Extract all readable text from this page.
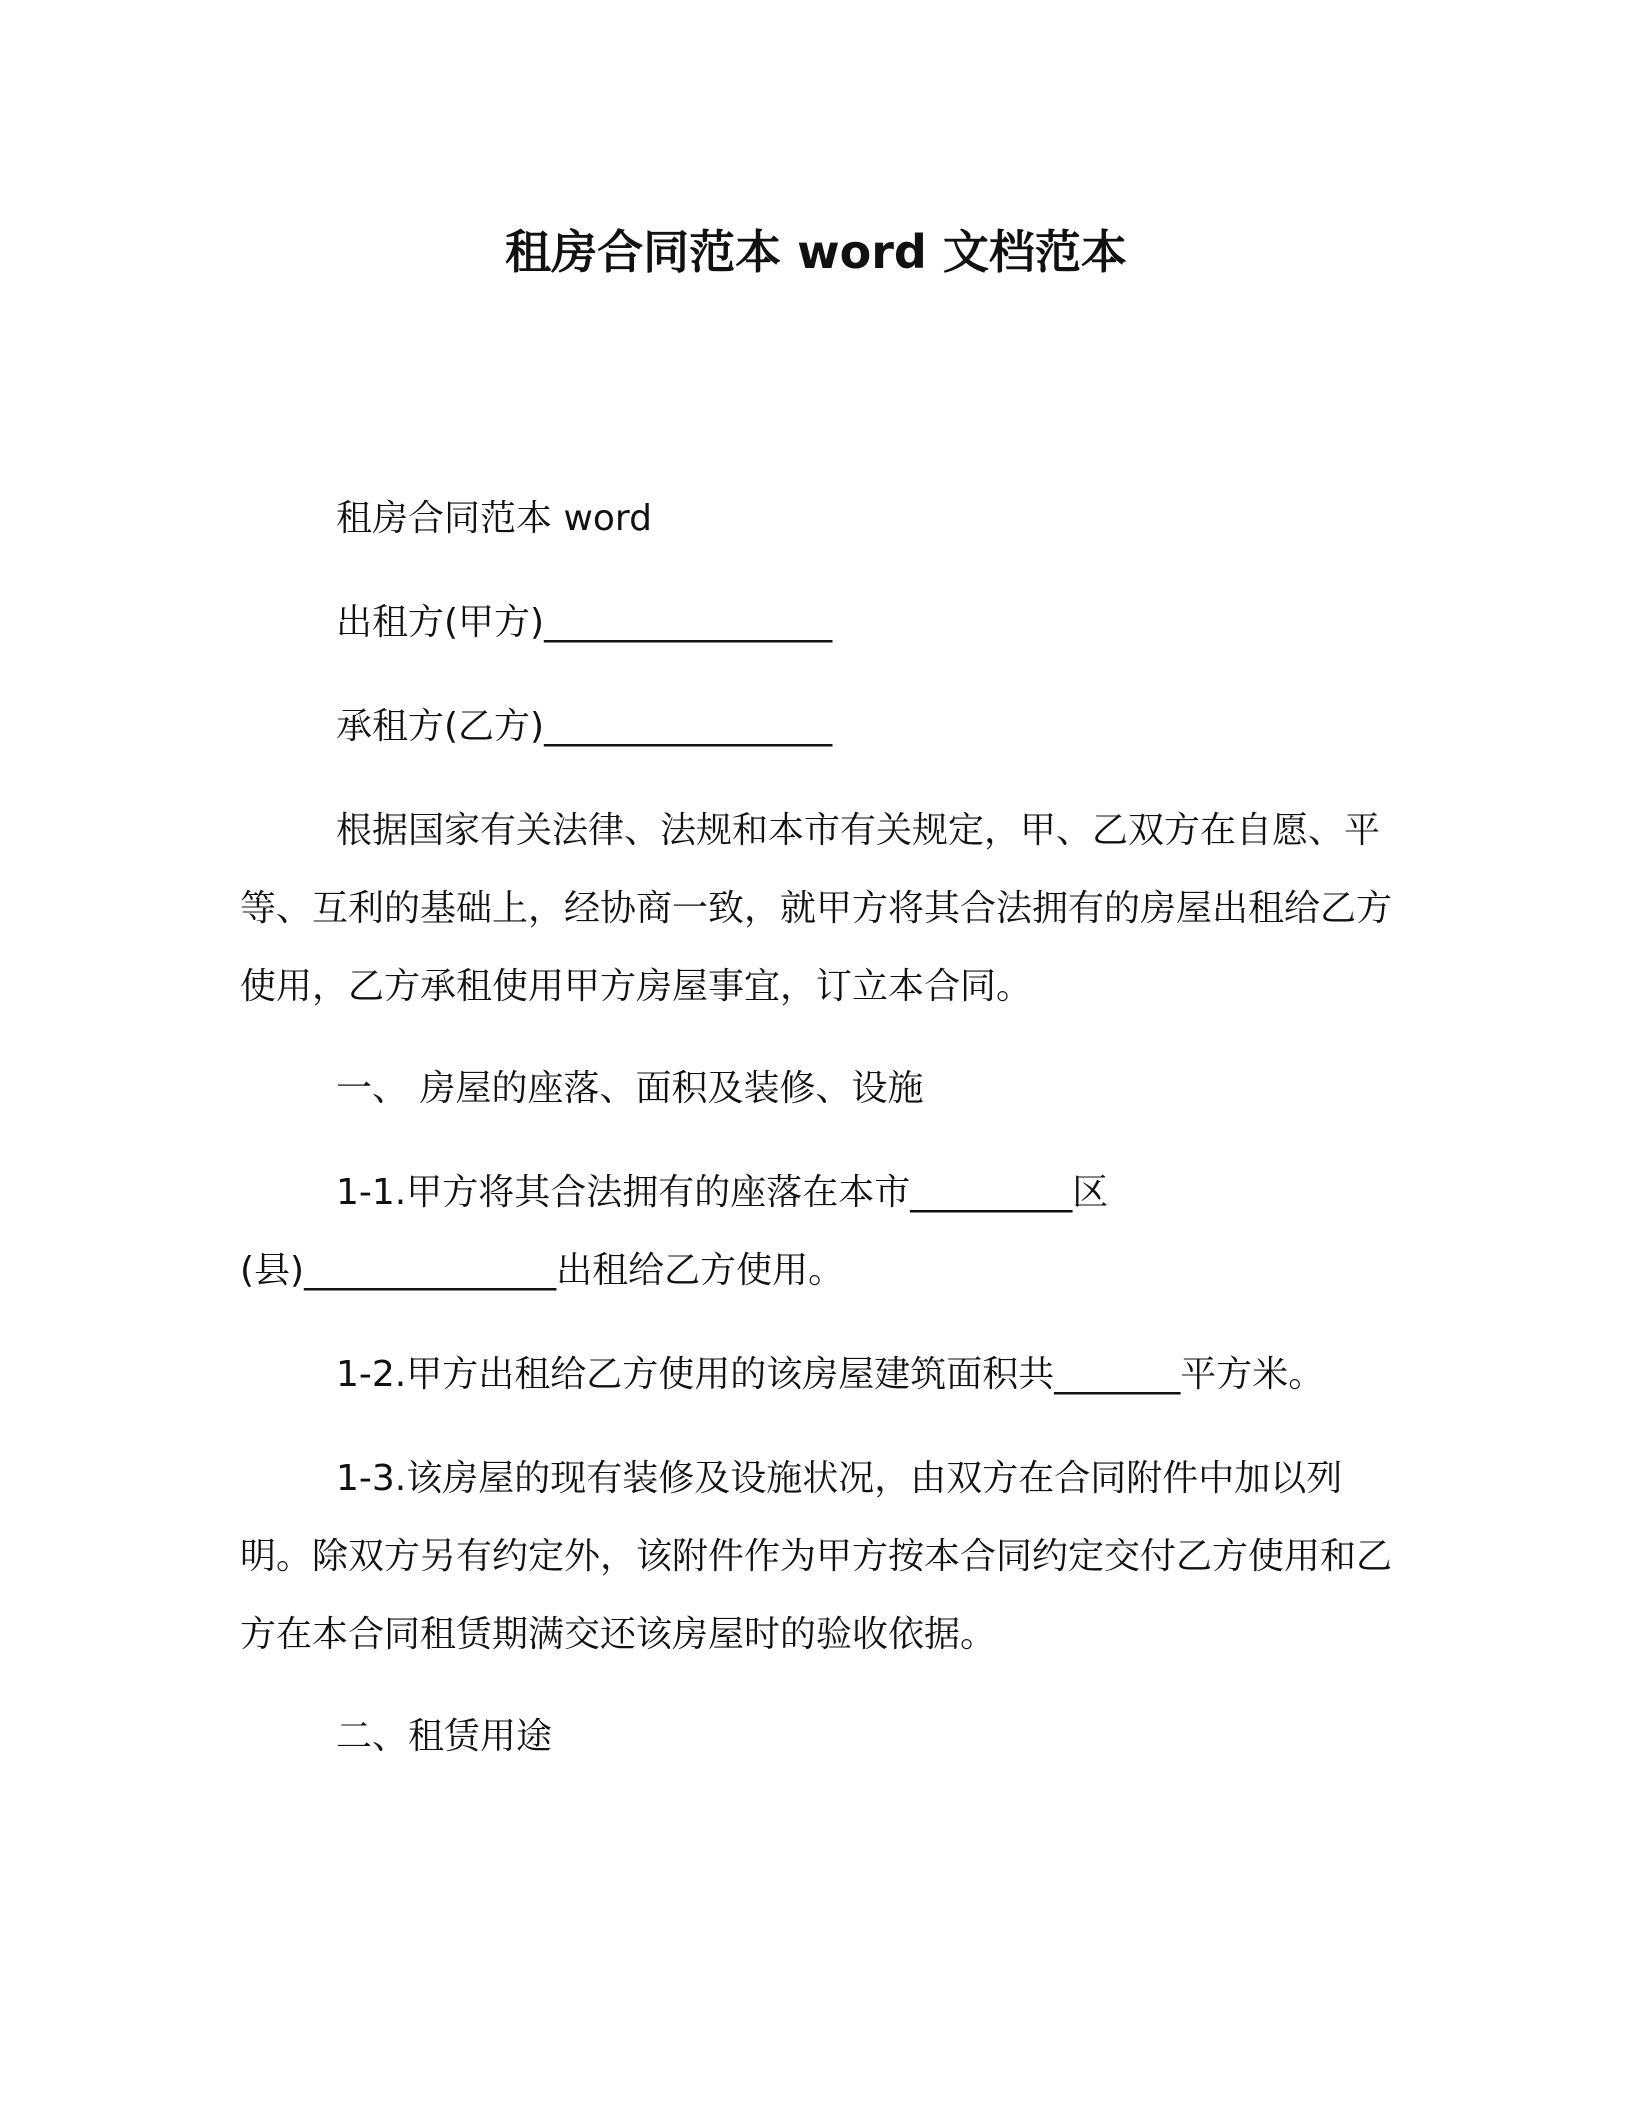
租房合同范本 word 文档范本

租房合同范本 word

出租方(甲方)________________

承租方(乙方)________________

根据国家有关法律、法规和本市有关规定，甲、乙双方在自愿、平等、互利的基础上，经协商一致，就甲方将其合法拥有的房屋出租给乙方使用，乙方承租使用甲方房屋事宜，订立本合同。

一、 房屋的座落、面积及装修、设施

1-1.甲方将其合法拥有的座落在本市_________区(县)______________出租给乙方使用。

1-2.甲方出租给乙方使用的该房屋建筑面积共_______平方米。

1-3.该房屋的现有装修及设施状况，由双方在合同附件中加以列明。除双方另有约定外，该附件作为甲方按本合同约定交付乙方使用和乙方在本合同租赁期满交还该房屋时的验收依据。

二、租赁用途
